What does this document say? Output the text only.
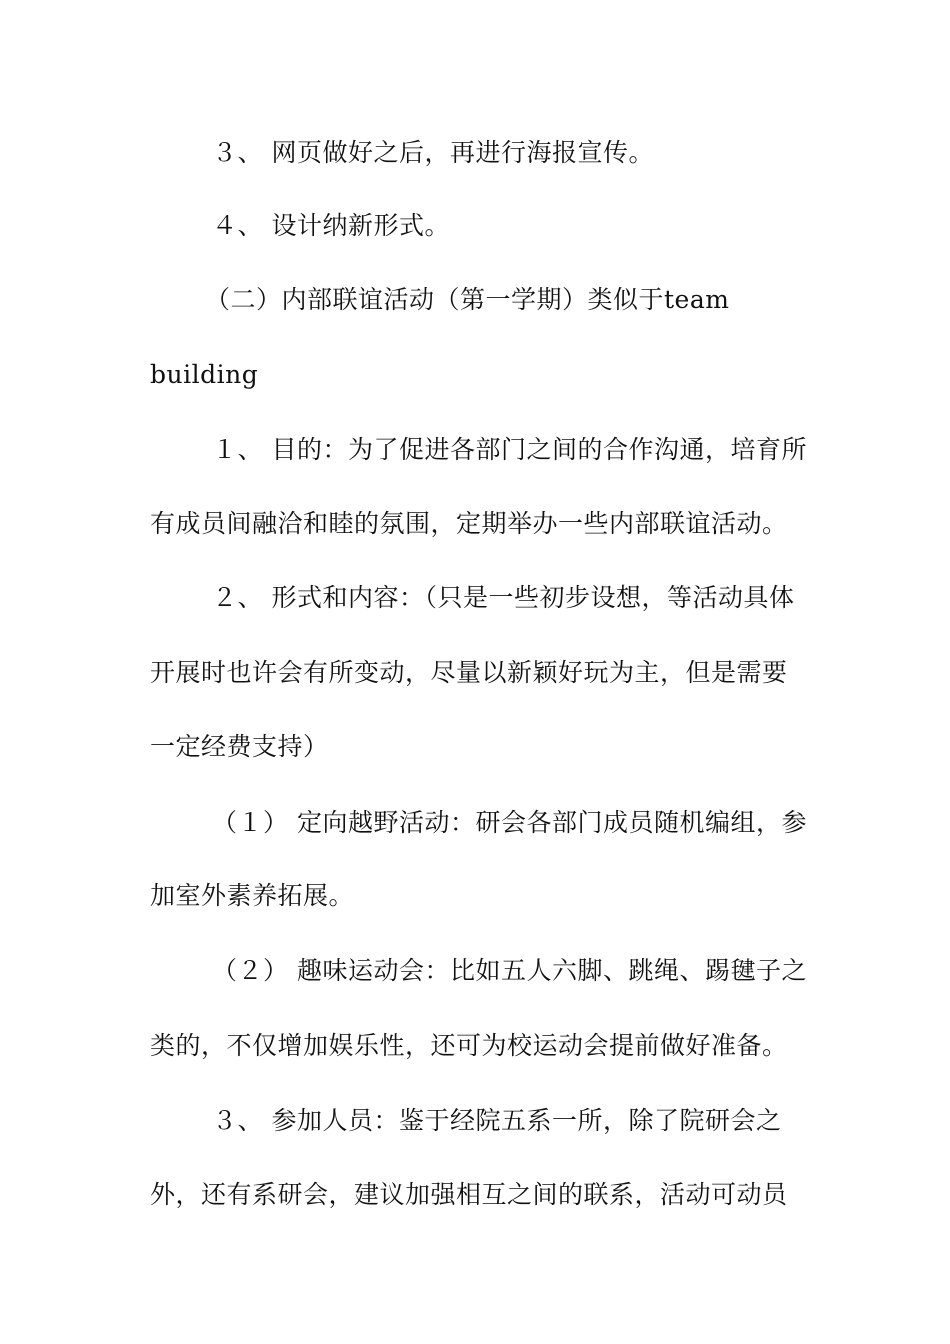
３、 网页做好之后，再进行海报宣传。
４、 设计纳新形式。
（二）内部联谊活动（第一学期）类似于team
building
１、 目的：为了促进各部门之间的合作沟通，培育所
有成员间融洽和睦的氛围，定期举办一些内部联谊活动。
２、 形式和内容：（只是一些初步设想，等活动具体
开展时也许会有所变动，尽量以新颖好玩为主，但是需要
一定经费支持）
（１） 定向越野活动：研会各部门成员随机编组，参
加室外素养拓展。
（２） 趣味运动会：比如五人六脚、跳绳、踢毽子之
类的，不仅增加娱乐性，还可为校运动会提前做好准备。
３、 参加人员：鉴于经院五系一所，除了院研会之
外，还有系研会，建议加强相互之间的联系，活动可动员
